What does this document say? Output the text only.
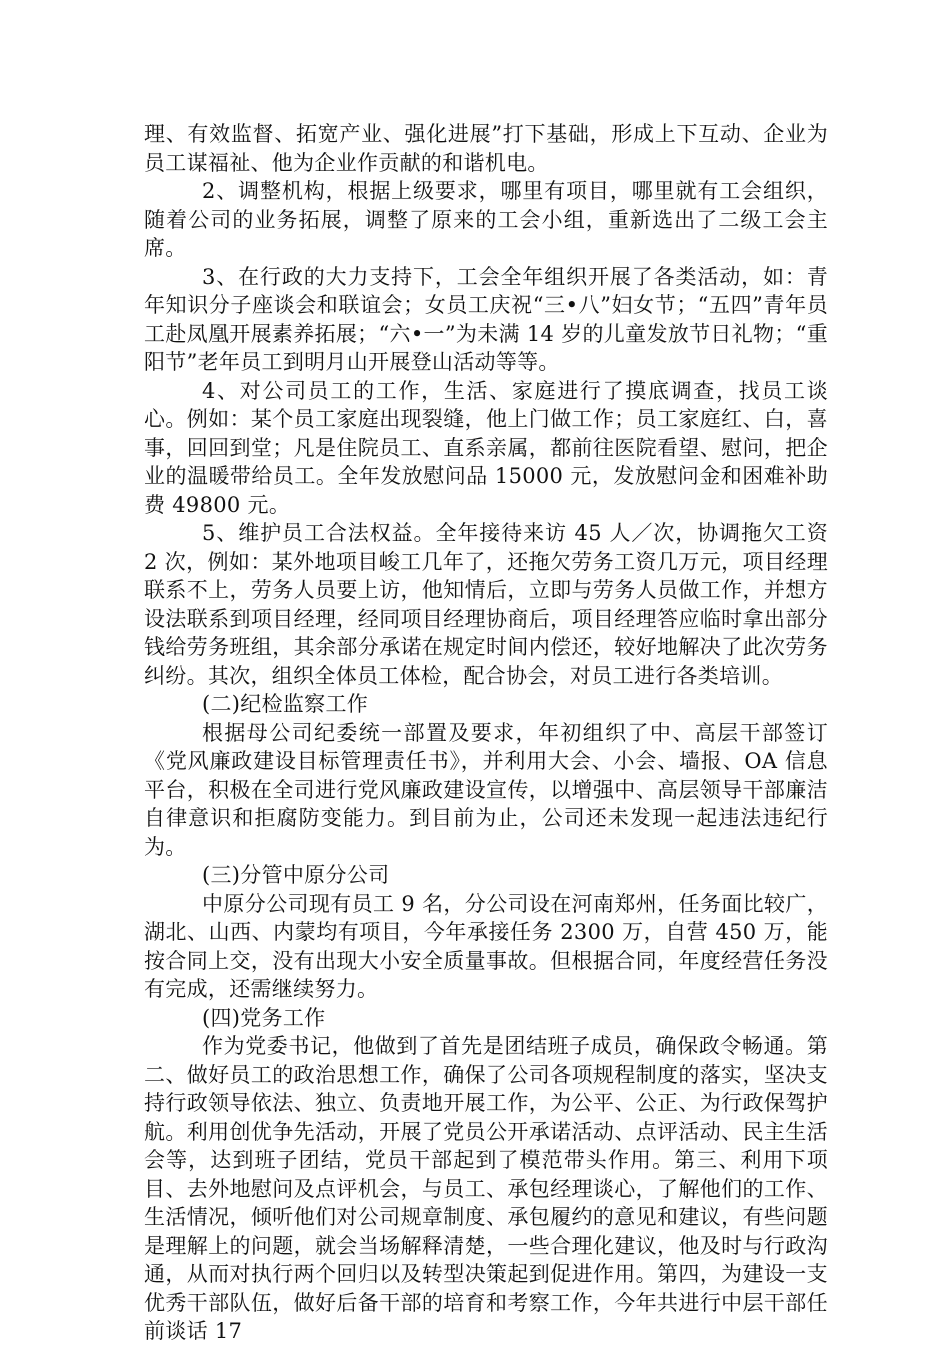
理、有效监督、拓宽产业、强化进展”打下基础，形成上下互动、企业为员工谋福祉、他为企业作贡献的和谐机电。

2、调整机构，根据上级要求，哪里有项目，哪里就有工会组织，随着公司的业务拓展，调整了原来的工会小组，重新选出了二级工会主席。

3、在行政的大力支持下，工会全年组织开展了各类活动，如：青年知识分子座谈会和联谊会；女员工庆祝“三•八”妇女节；“五四”青年员工赴凤凰开展素养拓展；“六•一”为未满 14 岁的儿童发放节日礼物；“重阳节”老年员工到明月山开展登山活动等等。

4、对公司员工的工作，生活、家庭进行了摸底调查，找员工谈心。例如：某个员工家庭出现裂缝，他上门做工作；员工家庭红、白，喜事，回回到堂；凡是住院员工、直系亲属，都前往医院看望、慰问，把企业的温暖带给员工。全年发放慰问品 15000 元，发放慰问金和困难补助费 49800 元。

5、维护员工合法权益。全年接待来访 45 人／次，协调拖欠工资 2 次，例如：某外地项目峻工几年了，还拖欠劳务工资几万元，项目经理联系不上，劳务人员要上访，他知情后，立即与劳务人员做工作，并想方设法联系到项目经理，经同项目经理协商后，项目经理答应临时拿出部分钱给劳务班组，其余部分承诺在规定时间内偿还，较好地解决了此次劳务纠纷。其次，组织全体员工体检，配合协会，对员工进行各类培训。

(二)纪检监察工作

根据母公司纪委统一部置及要求，年初组织了中、高层干部签订《党风廉政建设目标管理责任书》，并利用大会、小会、墙报、OA 信息平台，积极在全司进行党风廉政建设宣传，以增强中、高层领导干部廉洁自律意识和拒腐防变能力。到目前为止，公司还未发现一起违法违纪行为。

(三)分管中原分公司

中原分公司现有员工 9 名，分公司设在河南郑州，任务面比较广，湖北、山西、内蒙均有项目，今年承接任务 2300 万，自营 450 万，能按合同上交，没有出现大小安全质量事故。但根据合同，年度经营任务没有完成，还需继续努力。

(四)党务工作

作为党委书记，他做到了首先是团结班子成员，确保政令畅通。第二、做好员工的政治思想工作，确保了公司各项规程制度的落实，坚决支持行政领导依法、独立、负责地开展工作，为公平、公正、为行政保驾护航。利用创优争先活动，开展了党员公开承诺活动、点评活动、民主生活会等，达到班子团结，党员干部起到了模范带头作用。第三、利用下项目、去外地慰问及点评机会，与员工、承包经理谈心，了解他们的工作、生活情况，倾听他们对公司规章制度、承包履约的意见和建议，有些问题是理解上的问题，就会当场解释清楚，一些合理化建议，他及时与行政沟通，从而对执行两个回归以及转型决策起到促进作用。第四，为建设一支优秀干部队伍，做好后备干部的培育和考察工作，今年共进行中层干部任前谈话 17
